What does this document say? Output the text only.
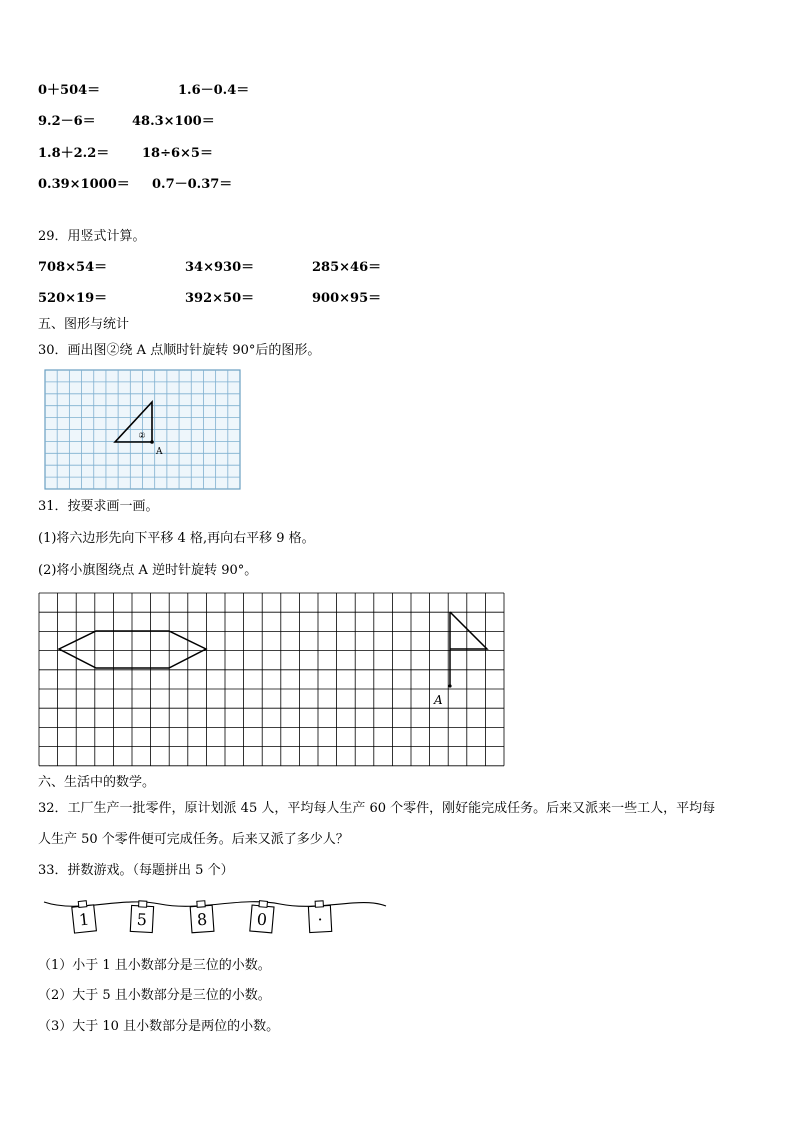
0＋504＝	1.6－0.4＝
9.2－6＝	48.3×100＝
1.8＋2.2＝	18÷6×5＝
0.39×1000＝ 0.7－0.37＝
29．用竖式计算。
708×54＝	34×930＝	285×46＝
520×19＝	392×50＝	900×95＝
五、图形与统计
30．画出图②绕 A 点顺时针旋转 90°后的图形。
②
A
31．按要求画一画。
(1)将六边形先向下平移 4 格,再向右平移 9 格。
(2)将小旗图绕点 A 逆时针旋转 90°。
A
六、生活中的数学。
32．工厂生产一批零件，原计划派 45 人，平均每人生产 60 个零件，刚好能完成任务。后来又派来一些工人，平均每
人生产 50 个零件便可完成任务。后来又派了多少人？
33．拼数游戏。（每题拼出 5 个）
1	5	8	0	·
（1）小于 1 且小数部分是三位的小数。
（2）大于 5 且小数部分是三位的小数。
（3）大于 10 且小数部分是两位的小数。
